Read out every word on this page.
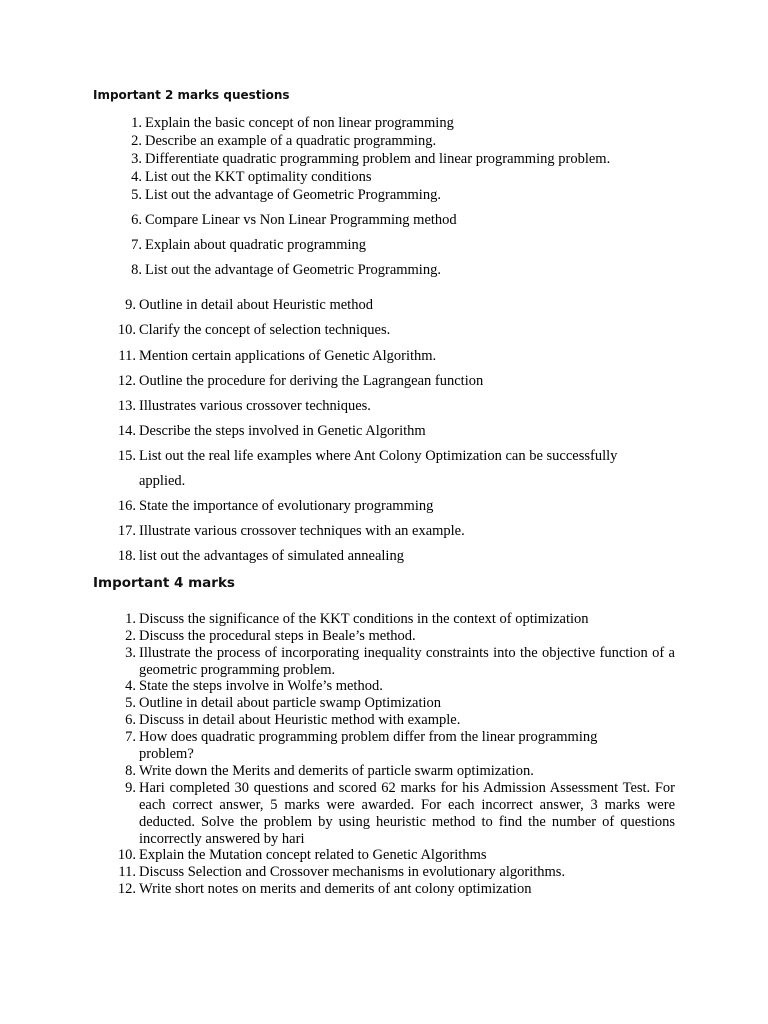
Important 2 marks questions
1. Explain the basic concept of non linear programming
2. Describe an example of a quadratic programming.
3. Differentiate quadratic programming problem and linear programming problem.
4. List out the KKT optimality conditions
5. List out the advantage of Geometric Programming.
6. Compare Linear vs Non Linear Programming method
7. Explain about quadratic programming
8. List out the advantage of Geometric Programming.
9. Outline in detail about Heuristic method
10. Clarify the concept of selection techniques.
11. Mention certain applications of Genetic Algorithm.
12. Outline the procedure for deriving the Lagrangean function
13. Illustrates various crossover techniques.
14. Describe the steps involved in Genetic Algorithm
15. List out the real life examples where Ant Colony Optimization can be successfully
applied.
16. State the importance of evolutionary programming
17. Illustrate various crossover techniques with an example.
18. list out the advantages of simulated annealing
Important 4 marks
1. Discuss the significance of the KKT conditions in the context of optimization
2. Discuss the procedural steps in Beale’s method.
3. Illustrate the process of incorporating inequality constraints into the objective function of a geometric programming problem.
4. State the steps involve in Wolfe’s method.
5. Outline in detail about particle swamp Optimization
6. Discuss in detail about Heuristic method with example.
7. How does quadratic programming problem differ from the linear programming problem?
8. Write down the Merits and demerits of particle swarm optimization.
9. Hari completed 30 questions and scored 62 marks for his Admission Assessment Test. For each correct answer, 5 marks were awarded. For each incorrect answer, 3 marks were deducted. Solve the problem by using heuristic method to find the number of questions incorrectly answered by hari
10. Explain the Mutation concept related to Genetic Algorithms
11. Discuss Selection and Crossover mechanisms in evolutionary algorithms.
12. Write short notes on merits and demerits of ant colony optimization
